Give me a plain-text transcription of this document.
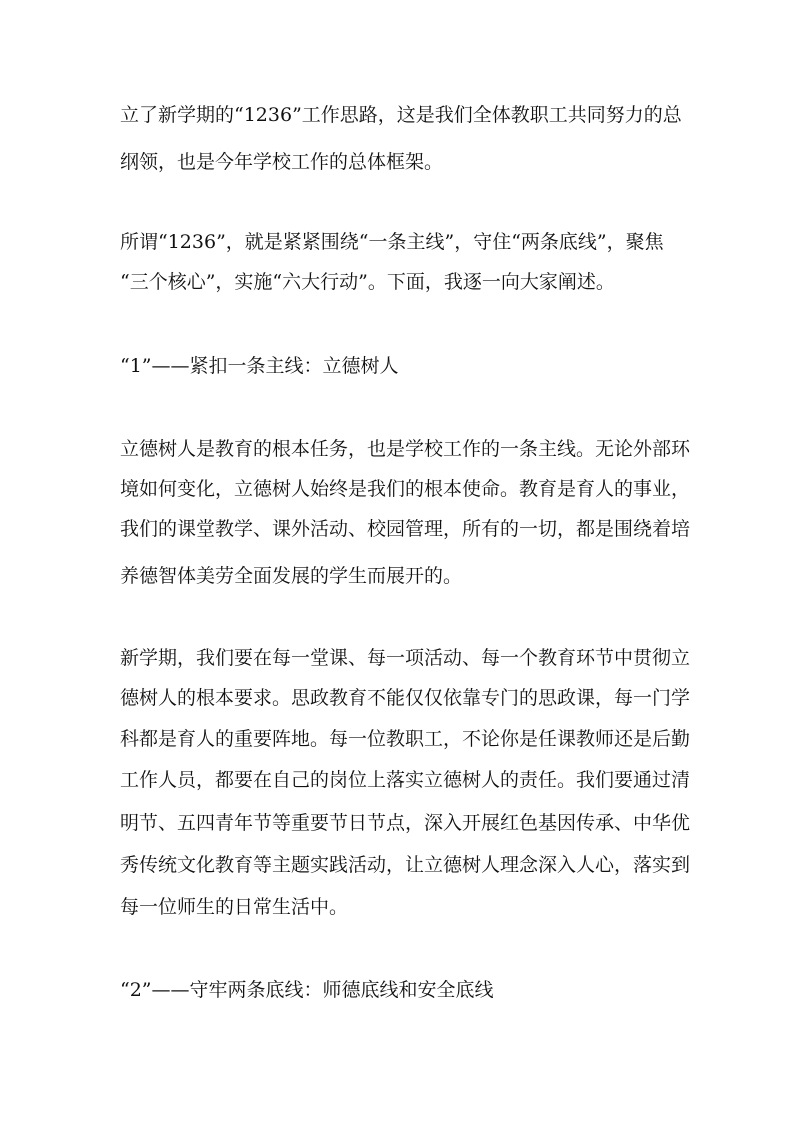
立了新学期的“1236”工作思路，这是我们全体教职工共同努力的总
纲领，也是今年学校工作的总体框架。
所谓“1236”，就是紧紧围绕“一条主线”，守住“两条底线”，聚焦
“三个核心”，实施“六大行动”。下面，我逐一向大家阐述。
“1”——紧扣一条主线：立德树人
立德树人是教育的根本任务，也是学校工作的一条主线。无论外部环
境如何变化，立德树人始终是我们的根本使命。教育是育人的事业，
我们的课堂教学、课外活动、校园管理，所有的一切，都是围绕着培
养德智体美劳全面发展的学生而展开的。
新学期，我们要在每一堂课、每一项活动、每一个教育环节中贯彻立
德树人的根本要求。思政教育不能仅仅依靠专门的思政课，每一门学
科都是育人的重要阵地。每一位教职工，不论你是任课教师还是后勤
工作人员，都要在自己的岗位上落实立德树人的责任。我们要通过清
明节、五四青年节等重要节日节点，深入开展红色基因传承、中华优
秀传统文化教育等主题实践活动，让立德树人理念深入人心，落实到
每一位师生的日常生活中。
“2”——守牢两条底线：师德底线和安全底线
